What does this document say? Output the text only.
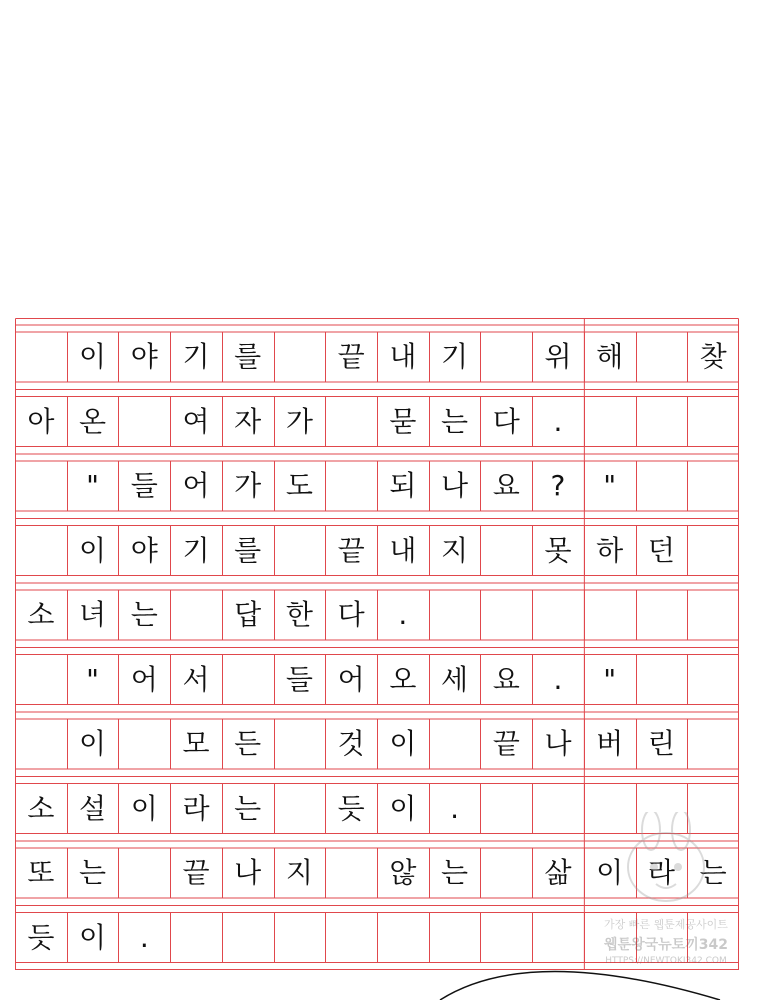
이 야 기 를	끝 내 기	위 해	찾
아 온	여 자 가	묻 는 다	.
"	들 어 가 도	되 나 요	?	"
이 야 기 를	끝 내 지	못 하 던
소 녀 는	답 한 다	.
"	어 서	들 어 오 세 요	.	"
이	모 든	것 이	끝 나 버 린
소 설 이 라 는	듯 이	.
또 는	끝 나 지	않 는	삶 이 라 는
듯 이	.	가장 빠른 웹툰제공사이트
웹툰왕국뉴토끼342
HTTPS://NEWTOKI342.COM
